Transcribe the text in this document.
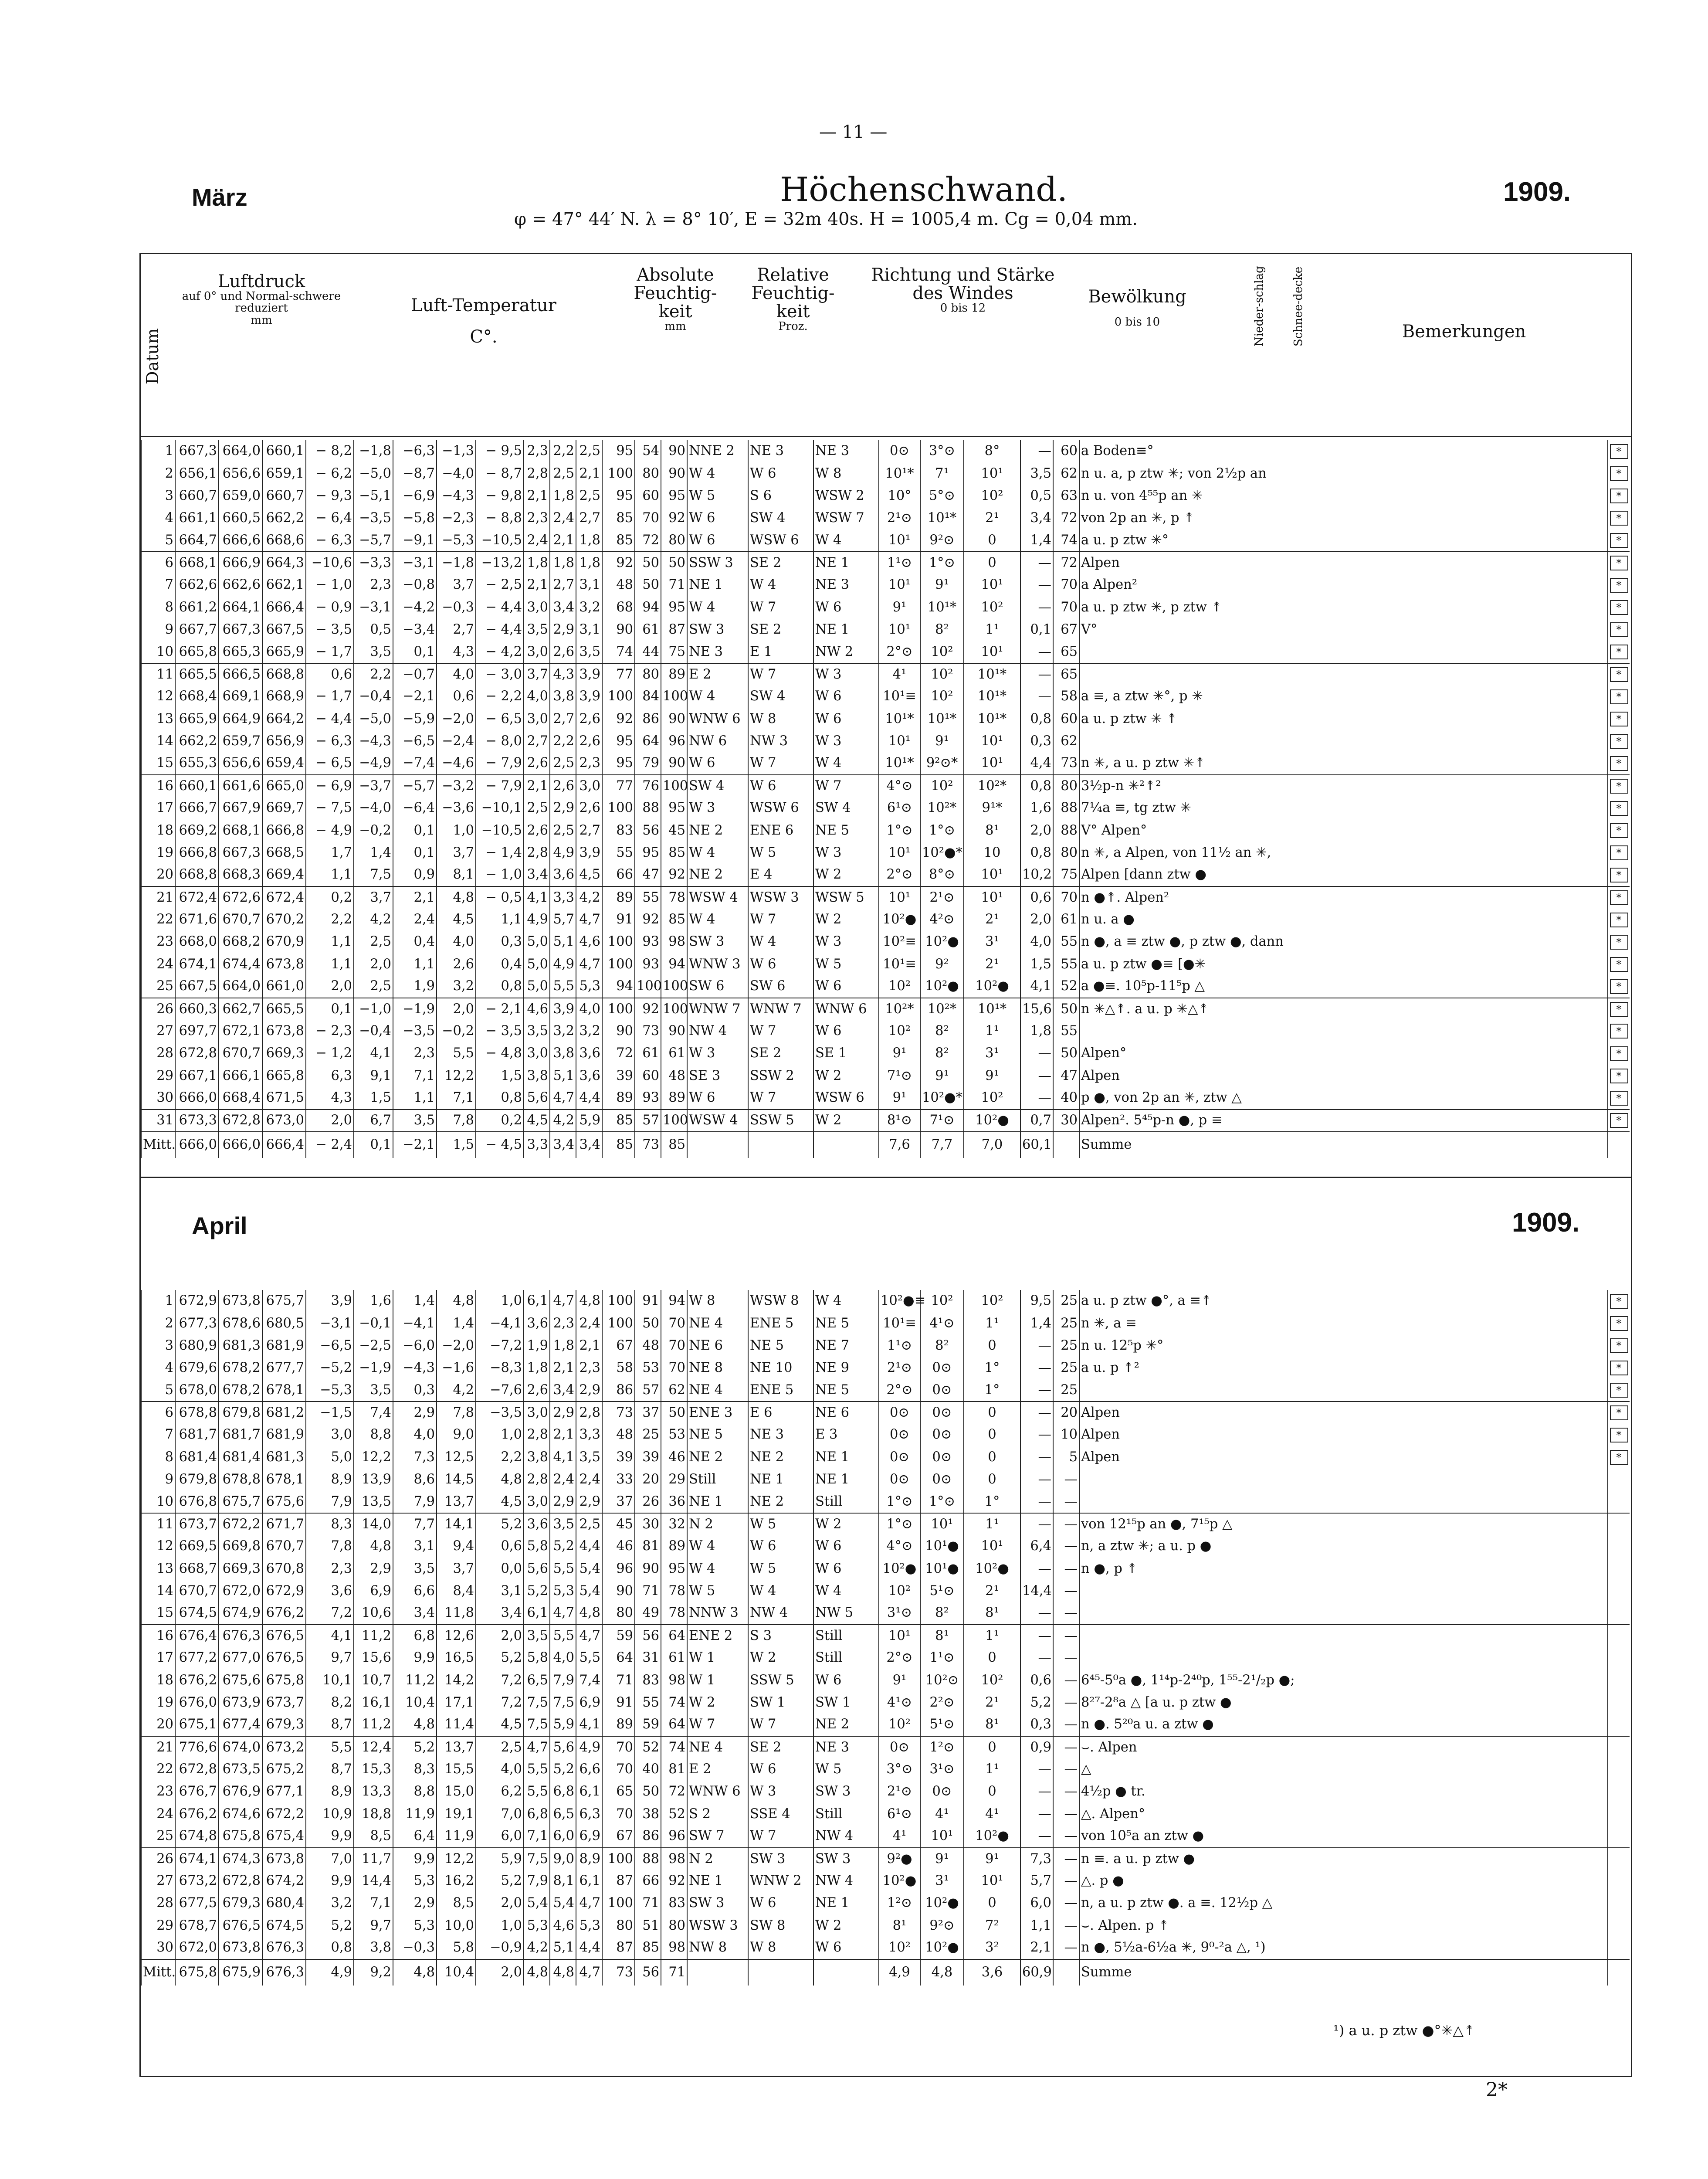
— 11 —
März	Höchenschwand.	1909.
φ = 47° 44′ N. λ = 8° 10′, E = 32m 40s. H = 1005,4 m. Cg = 0,04 mm.
Datum
Luftdruck
auf 0° und Normal-schwere reduziert
mm
Luft-Temperatur
C°.
Absolute Feuchtig-keit
mm
Relative Feuchtig-keit
Proz.
Richtung und Stärke des Windes
0 bis 12
Bewölkung
0 bis 10	Nieder-schlag Schnee-decke	Bemerkungen
1	667,3	664,0	660,1	− 8,2	−1,8	−6,3	−1,3	− 9,5	2,3	2,2	2,5	95	54	90	NNE 2	NE 3	NE 3	0⊙	3°⊙	8°	—	60	a Boden≡°	*
2	656,1	656,6	659,1	− 6,2	−5,0	−8,7	−4,0	− 8,7	2,8	2,5	2,1	100	80	90	W 4	W 6	W 8	10¹*	7¹	10¹	3,5	62	n u. a, p ztw ✳; von 2½p an	*
3	660,7	659,0	660,7	− 9,3	−5,1	−6,9	−4,3	− 9,8	2,1	1,8	2,5	95	60	95	W 5	S 6	WSW 2	10°	5°⊙	10²	0,5	63	n u. von 4⁵⁵p an ✳	*
4	661,1	660,5	662,2	− 6,4	−3,5	−5,8	−2,3	− 8,8	2,3	2,4	2,7	85	70	92	W 6	SW 4	WSW 7	2¹⊙	10¹*	2¹	3,4	72	von 2p an ✳, p ↟	*
5	664,7	666,6	668,6	− 6,3	−5,7	−9,1	−5,3	−10,5	2,4	2,1	1,8	85	72	80	W 6	WSW 6	W 4	10¹	9²⊙	0	1,4	74	a u. p ztw ✳°	*
6	668,1	666,9	664,3	−10,6	−3,3	−3,1	−1,8	−13,2	1,8	1,8	1,8	92	50	50	SSW 3	SE 2	NE 1	1¹⊙	1°⊙	0	—	72	Alpen	*
7	662,6	662,6	662,1	− 1,0	2,3	−0,8	3,7	− 2,5	2,1	2,7	3,1	48	50	71	NE 1	W 4	NE 3	10¹	9¹	10¹	—	70	a Alpen²	*
8	661,2	664,1	666,4	− 0,9	−3,1	−4,2	−0,3	− 4,4	3,0	3,4	3,2	68	94	95	W 4	W 7	W 6	9¹	10¹*	10²	—	70	a u. p ztw ✳, p ztw ↟	*
9	667,7	667,3	667,5	− 3,5	0,5	−3,4	2,7	− 4,4	3,5	2,9	3,1	90	61	87	SW 3	SE 2	NE 1	10¹	8²	1¹	0,1	67	V°	*
10	665,8	665,3	665,9	− 1,7	3,5	0,1	4,3	− 4,2	3,0	2,6	3,5	74	44	75	NE 3	E 1	NW 2	2°⊙	10²	10¹	—	65		*
11	665,5	666,5	668,8	0,6	2,2	−0,7	4,0	− 3,0	3,7	4,3	3,9	77	80	89	E 2	W 7	W 3	4¹	10²	10¹*	—	65		*
12	668,4	669,1	668,9	− 1,7	−0,4	−2,1	0,6	− 2,2	4,0	3,8	3,9	100	84	100	W 4	SW 4	W 6	10¹≡	10²	10¹*	—	58	a ≡, a ztw ✳°, p ✳	*
13	665,9	664,9	664,2	− 4,4	−5,0	−5,9	−2,0	− 6,5	3,0	2,7	2,6	92	86	90	WNW 6	W 8	W 6	10¹*	10¹*	10¹*	0,8	60	a u. p ztw ✳ ↟	*
14	662,2	659,7	656,9	− 6,3	−4,3	−6,5	−2,4	− 8,0	2,7	2,2	2,6	95	64	96	NW 6	NW 3	W 3	10¹	9¹	10¹	0,3	62		*
15	655,3	656,6	659,4	− 6,5	−4,9	−7,4	−4,6	− 7,9	2,6	2,5	2,3	95	79	90	W 6	W 7	W 4	10¹*	9²⊙*	10¹	4,4	73	n ✳, a u. p ztw ✳↟	*
16	660,1	661,6	665,0	− 6,9	−3,7	−5,7	−3,2	− 7,9	2,1	2,6	3,0	77	76	100	SW 4	W 6	W 7	4°⊙	10²	10²*	0,8	80	3½p-n ✳²↟²	*
17	666,7	667,9	669,7	− 7,5	−4,0	−6,4	−3,6	−10,1	2,5	2,9	2,6	100	88	95	W 3	WSW 6	SW 4	6¹⊙	10²*	9¹*	1,6	88	7¼a ≡, tg ztw ✳	*
18	669,2	668,1	666,8	− 4,9	−0,2	0,1	1,0	−10,5	2,6	2,5	2,7	83	56	45	NE 2	ENE 6	NE 5	1°⊙	1°⊙	8¹	2,0	88	V° Alpen°	*
19	666,8	667,3	668,5	1,7	1,4	0,1	3,7	− 1,4	2,8	4,9	3,9	55	95	85	W 4	W 5	W 3	10¹	10²●*	10	0,8	80	n ✳, a Alpen, von 11½ an ✳,	*
20	668,8	668,3	669,4	1,1	7,5	0,9	8,1	− 1,0	3,4	3,6	4,5	66	47	92	NE 2	E 4	W 2	2°⊙	8°⊙	10¹	10,2	75	Alpen [dann ztw ●	*
21	672,4	672,6	672,4	0,2	3,7	2,1	4,8	− 0,5	4,1	3,3	4,2	89	55	78	WSW 4	WSW 3	WSW 5	10¹	2¹⊙	10¹	0,6	70	n ●↟. Alpen²	*
22	671,6	670,7	670,2	2,2	4,2	2,4	4,5	1,1	4,9	5,7	4,7	91	92	85	W 4	W 7	W 2	10²●	4²⊙	2¹	2,0	61	n u. a ●	*
23	668,0	668,2	670,9	1,1	2,5	0,4	4,0	0,3	5,0	5,1	4,6	100	93	98	SW 3	W 4	W 3	10²≡	10²●	3¹	4,0	55	n ●, a ≡ ztw ●, p ztw ●, dann	*
24	674,1	674,4	673,8	1,1	2,0	1,1	2,6	0,4	5,0	4,9	4,7	100	93	94	WNW 3	W 6	W 5	10¹≡	9²	2¹	1,5	55	a u. p ztw ●≡ [●✳	*
25	667,5	664,0	661,0	2,0	2,5	1,9	3,2	0,8	5,0	5,5	5,3	94	100	100	SW 6	SW 6	W 6	10²	10²●	10²●	4,1	52	a ●≡. 10⁵p-11⁵p △	*
26	660,3	662,7	665,5	0,1	−1,0	−1,9	2,0	− 2,1	4,6	3,9	4,0	100	92	100	WNW 7	WNW 7	WNW 6	10²*	10²*	10¹*	15,6	50	n ✳△↟. a u. p ✳△↟	*
27	697,7	672,1	673,8	− 2,3	−0,4	−3,5	−0,2	− 3,5	3,5	3,2	3,2	90	73	90	NW 4	W 7	W 6	10²	8²	1¹	1,8	55		*
28	672,8	670,7	669,3	− 1,2	4,1	2,3	5,5	− 4,8	3,0	3,8	3,6	72	61	61	W 3	SE 2	SE 1	9¹	8²	3¹	—	50	Alpen°	*
29	667,1	666,1	665,8	6,3	9,1	7,1	12,2	1,5	3,8	5,1	3,6	39	60	48	SE 3	SSW 2	W 2	7¹⊙	9¹	9¹	—	47	Alpen	*
30	666,0	668,4	671,5	4,3	1,5	1,1	7,1	0,8	5,6	4,7	4,4	89	93	89	W 6	W 7	WSW 6	9¹	10²●*	10²	—	40	p ●, von 2p an ✳, ztw △	*
31	673,3	672,8	673,0	2,0	6,7	3,5	7,8	0,2	4,5	4,2	5,9	85	57	100	WSW 4	SSW 5	W 2	8¹⊙	7¹⊙	10²●	0,7	30	Alpen². 5⁴⁵p-n ●, p ≡	*
Mitt.	666,0	666,0	666,4	− 2,4	0,1	−2,1	1,5	− 4,5	3,3	3,4	3,4	85	73	85				7,6	7,7	7,0	60,1		Summe	
April	1909.
1	672,9	673,8	675,7	3,9	1,6	1,4	4,8	1,0	6,1	4,7	4,8	100	91	94	W 8	WSW 8	W 4	10²●≡	10²	10²	9,5	25	a u. p ztw ●°, a ≡↟	*
2	677,3	678,6	680,5	−3,1	−0,1	−4,1	1,4	−4,1	3,6	2,3	2,4	100	50	70	NE 4	ENE 5	NE 5	10¹≡	4¹⊙	1¹	1,4	25	n ✳, a ≡	*
3	680,9	681,3	681,9	−6,5	−2,5	−6,0	−2,0	−7,2	1,9	1,8	2,1	67	48	70	NE 6	NE 5	NE 7	1¹⊙	8²	0	—	25	n u. 12⁵p ✳°	*
4	679,6	678,2	677,7	−5,2	−1,9	−4,3	−1,6	−8,3	1,8	2,1	2,3	58	53	70	NE 8	NE 10	NE 9	2¹⊙	0⊙	1°	—	25	a u. p ↟²	*
5	678,0	678,2	678,1	−5,3	3,5	0,3	4,2	−7,6	2,6	3,4	2,9	86	57	62	NE 4	ENE 5	NE 5	2°⊙	0⊙	1°	—	25		*
6	678,8	679,8	681,2	−1,5	7,4	2,9	7,8	−3,5	3,0	2,9	2,8	73	37	50	ENE 3	E 6	NE 6	0⊙	0⊙	0	—	20	Alpen	*
7	681,7	681,7	681,9	3,0	8,8	4,0	9,0	1,0	2,8	2,1	3,3	48	25	53	NE 5	NE 3	E 3	0⊙	0⊙	0	—	10	Alpen	*
8	681,4	681,4	681,3	5,0	12,2	7,3	12,5	2,2	3,8	4,1	3,5	39	39	46	NE 2	NE 2	NE 1	0⊙	0⊙	0	—	5	Alpen	*
9	679,8	678,8	678,1	8,9	13,9	8,6	14,5	4,8	2,8	2,4	2,4	33	20	29	Still	NE 1	NE 1	0⊙	0⊙	0	—	—		
10	676,8	675,7	675,6	7,9	13,5	7,9	13,7	4,5	3,0	2,9	2,9	37	26	36	NE 1	NE 2	Still	1°⊙	1°⊙	1°	—	—		
11	673,7	672,2	671,7	8,3	14,0	7,7	14,1	5,2	3,6	3,5	2,5	45	30	32	N 2	W 5	W 2	1°⊙	10¹	1¹	—	—	von 12¹⁵p an ●, 7¹⁵p △	
12	669,5	669,8	670,7	7,8	4,8	3,1	9,4	0,6	5,8	5,2	4,4	46	81	89	W 4	W 6	W 6	4°⊙	10¹●	10¹	6,4	—	n, a ztw ✳; a u. p ●	
13	668,7	669,3	670,8	2,3	2,9	3,5	3,7	0,0	5,6	5,5	5,4	96	90	95	W 4	W 5	W 6	10²●	10¹●	10²●	—	—	n ●, p ↟	
14	670,7	672,0	672,9	3,6	6,9	6,6	8,4	3,1	5,2	5,3	5,4	90	71	78	W 5	W 4	W 4	10²	5¹⊙	2¹	14,4	—		
15	674,5	674,9	676,2	7,2	10,6	3,4	11,8	3,4	6,1	4,7	4,8	80	49	78	NNW 3	NW 4	NW 5	3¹⊙	8²	8¹	—	—		
16	676,4	676,3	676,5	4,1	11,2	6,8	12,6	2,0	3,5	5,5	4,7	59	56	64	ENE 2	S 3	Still	10¹	8¹	1¹	—	—		
17	677,2	677,0	676,5	9,7	15,6	9,9	16,5	5,2	5,8	4,0	5,5	64	31	61	W 1	W 2	Still	2°⊙	1¹⊙	0	—	—		
18	676,2	675,6	675,8	10,1	10,7	11,2	14,2	7,2	6,5	7,9	7,4	71	83	98	W 1	SSW 5	W 6	9¹	10²⊙	10²	0,6	—	6⁴⁵-5⁰a ●, 1¹⁴p-2⁴⁰p, 1⁵⁵-2¹/₂p ●;	
19	676,0	673,9	673,7	8,2	16,1	10,4	17,1	7,2	7,5	7,5	6,9	91	55	74	W 2	SW 1	SW 1	4¹⊙	2²⊙	2¹	5,2	—	8²⁷-2⁸a △ [a u. p ztw ●	
20	675,1	677,4	679,3	8,7	11,2	4,8	11,4	4,5	7,5	5,9	4,1	89	59	64	W 7	W 7	NE 2	10²	5¹⊙	8¹	0,3	—	n ●. 5²⁰a u. a ztw ●	
21	776,6	674,0	673,2	5,5	12,4	5,2	13,7	2,5	4,7	5,6	4,9	70	52	74	NE 4	SE 2	NE 3	0⊙	1²⊙	0	0,9	—	⌣. Alpen	
22	672,8	673,5	675,2	8,7	15,3	8,3	15,5	4,0	5,5	5,2	6,6	70	40	81	E 2	W 6	W 5	3°⊙	3¹⊙	1¹	—	—	△	
23	676,7	676,9	677,1	8,9	13,3	8,8	15,0	6,2	5,5	6,8	6,1	65	50	72	WNW 6	W 3	SW 3	2¹⊙	0⊙	0	—	—	4½p ● tr.	
24	676,2	674,6	672,2	10,9	18,8	11,9	19,1	7,0	6,8	6,5	6,3	70	38	52	S 2	SSE 4	Still	6¹⊙	4¹	4¹	—	—	△. Alpen°	
25	674,8	675,8	675,4	9,9	8,5	6,4	11,9	6,0	7,1	6,0	6,9	67	86	96	SW 7	W 7	NW 4	4¹	10¹	10²●	—	—	von 10⁵a an ztw ●	
26	674,1	674,3	673,8	7,0	11,7	9,9	12,2	5,9	7,5	9,0	8,9	100	88	98	N 2	SW 3	SW 3	9²●	9¹	9¹	7,3	—	n ≡. a u. p ztw ●	
27	673,2	672,8	674,2	9,9	14,4	5,3	16,2	5,2	7,9	8,1	6,1	87	66	92	NE 1	WNW 2	NW 4	10²●	3¹	10¹	5,7	—	△. p ●	
28	677,5	679,3	680,4	3,2	7,1	2,9	8,5	2,0	5,4	5,4	4,7	100	71	83	SW 3	W 6	NE 1	1²⊙	10²●	0	6,0	—	n, a u. p ztw ●. a ≡. 12½p △	
29	678,7	676,5	674,5	5,2	9,7	5,3	10,0	1,0	5,3	4,6	5,3	80	51	80	WSW 3	SW 8	W 2	8¹	9²⊙	7²	1,1	—	⌣. Alpen. p ↟	
30	672,0	673,8	676,3	0,8	3,8	−0,3	5,8	−0,9	4,2	5,1	4,4	87	85	98	NW 8	W 8	W 6	10²	10²●	3²	2,1	—	n ●, 5½a-6½a ✳, 9⁰-²a △, ¹)	
Mitt.	675,8	675,9	676,3	4,9	9,2	4,8	10,4	2,0	4,8	4,8	4,7	73	56	71				4,9	4,8	3,6	60,9		Summe	
¹) a u. p ztw ●°✳△↟
2*
